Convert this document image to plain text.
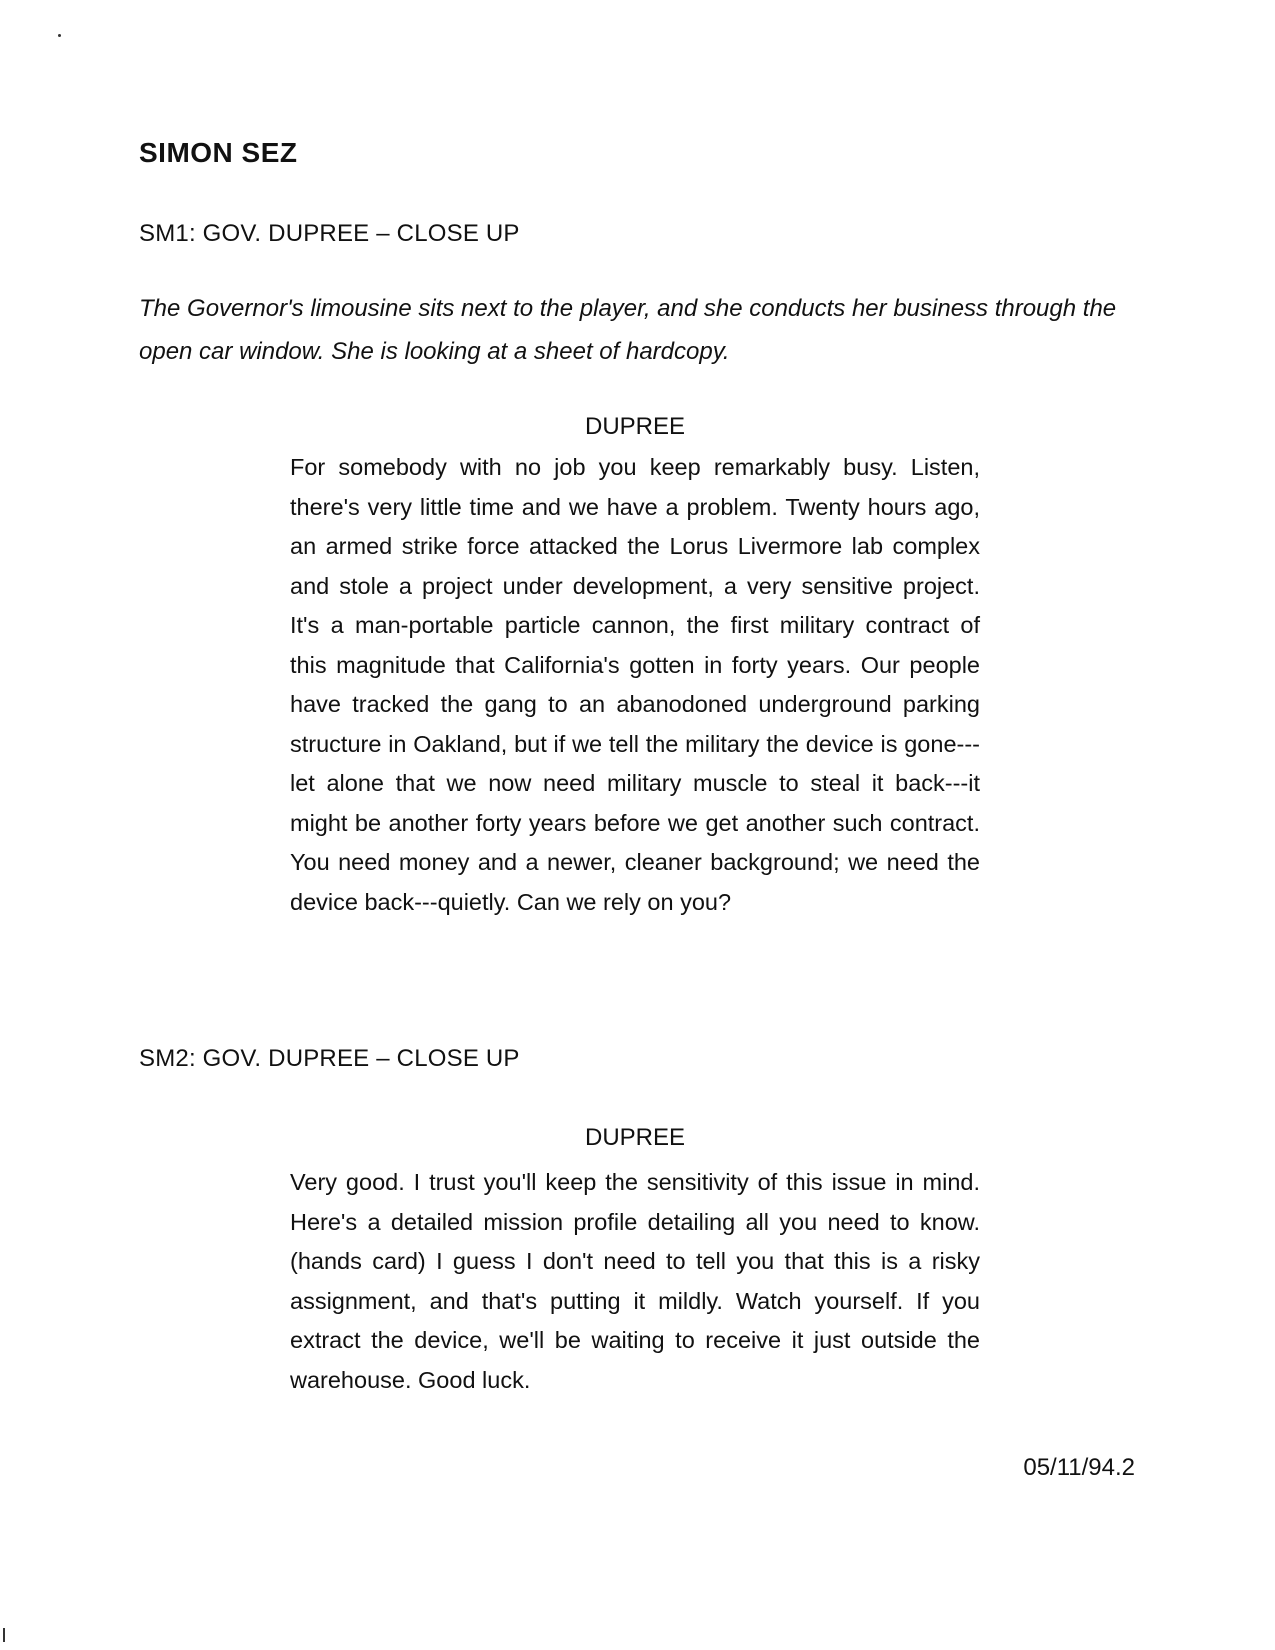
SIMON SEZ
SM1: GOV. DUPREE – CLOSE UP
The Governor's limousine sits next to the player, and she conducts her business through the open car window. She is looking at a sheet of hardcopy.
DUPREE
For somebody with no job you keep remarkably busy. Listen, there's very little time and we have a problem. Twenty hours ago, an armed strike force attacked the Lorus Livermore lab complex and stole a project under development, a very sensitive project. It's a man-portable particle cannon, the first military contract of this magnitude that California's gotten in forty years. Our people have tracked the gang to an abanodoned underground parking structure in Oakland, but if we tell the military the device is gone---let alone that we now need military muscle to steal it back---it might be another forty years before we get another such contract. You need money and a newer, cleaner background; we need the device back---quietly. Can we rely on you?
SM2: GOV. DUPREE – CLOSE UP
DUPREE
Very good. I trust you'll keep the sensitivity of this issue in mind. Here's a detailed mission profile detailing all you need to know. (hands card) I guess I don't need to tell you that this is a risky assignment, and that's putting it mildly. Watch yourself. If you extract the device, we'll be waiting to receive it just outside the warehouse. Good luck.
05/11/94.2
